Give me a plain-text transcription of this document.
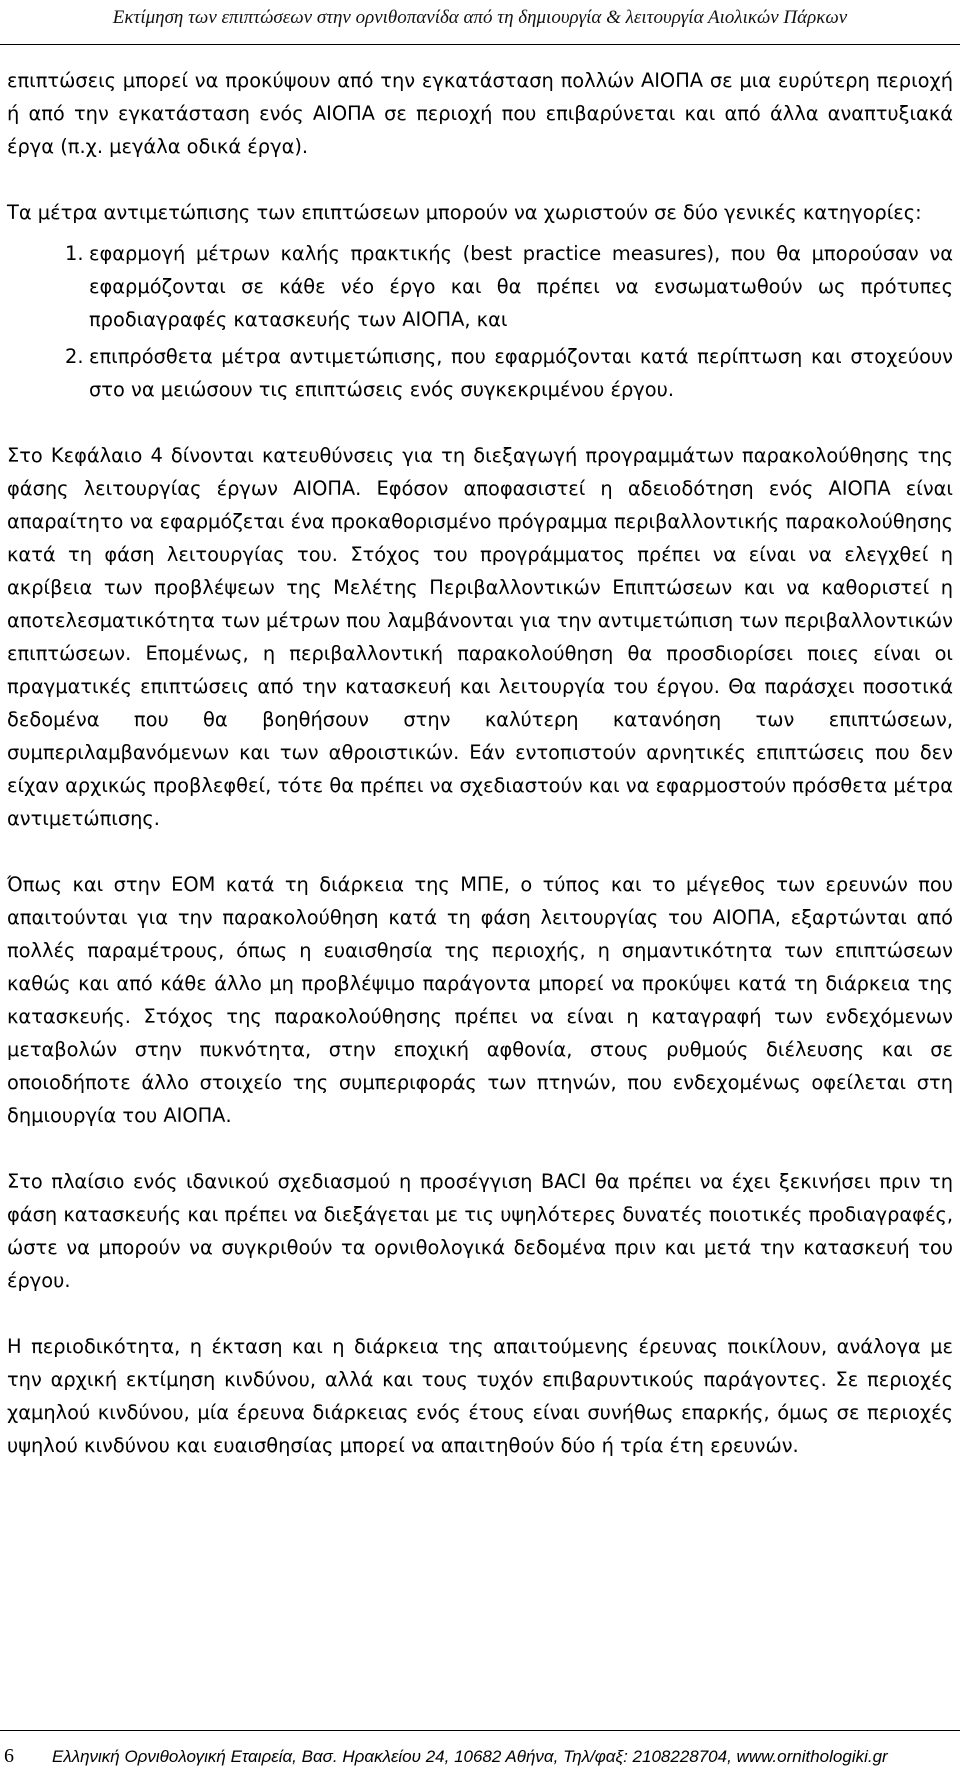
Εκτίμηση των επιπτώσεων στην ορνιθοπανίδα από τη δημιουργία & λειτουργία Αιολικών Πάρκων

επιπτώσεις μπορεί να προκύψουν από την εγκατάσταση πολλών ΑΙΟΠΑ σε μια ευρύτερη περιοχή ή από την εγκατάσταση ενός ΑΙΟΠΑ σε περιοχή που επιβαρύνεται και από άλλα αναπτυξιακά έργα (π.χ. μεγάλα οδικά έργα).

Τα μέτρα αντιμετώπισης των επιπτώσεων μπορούν να χωριστούν σε δύο γενικές κατηγορίες:

1. εφαρμογή μέτρων καλής πρακτικής (best practice measures), που θα μπορούσαν να εφαρμόζονται σε κάθε νέο έργο και θα πρέπει να ενσωματωθούν ως πρότυπες προδιαγραφές κατασκευής των ΑΙΟΠΑ, και
2. επιπρόσθετα μέτρα αντιμετώπισης, που εφαρμόζονται κατά περίπτωση και στοχεύουν στο να μειώσουν τις επιπτώσεις ενός συγκεκριμένου έργου.

Στο Κεφάλαιο 4 δίνονται κατευθύνσεις για τη διεξαγωγή προγραμμάτων παρακολούθησης της φάσης λειτουργίας έργων ΑΙΟΠΑ. Εφόσον αποφασιστεί η αδειοδότηση ενός ΑΙΟΠΑ είναι απαραίτητο να εφαρμόζεται ένα προκαθορισμένο πρόγραμμα περιβαλλοντικής παρακολούθησης κατά τη φάση λειτουργίας του. Στόχος του προγράμματος πρέπει να είναι να ελεγχθεί η ακρίβεια των προβλέψεων της Μελέτης Περιβαλλοντικών Επιπτώσεων και να καθοριστεί η αποτελεσματικότητα των μέτρων που λαμβάνονται για την αντιμετώπιση των περιβαλλοντικών επιπτώσεων. Επομένως, η περιβαλλοντική παρακολούθηση θα προσδιορίσει ποιες είναι οι πραγματικές επιπτώσεις από την κατασκευή και λειτουργία του έργου. Θα παράσχει ποσοτικά δεδομένα που θα βοηθήσουν στην καλύτερη κατανόηση των επιπτώσεων, συμπεριλαμβανόμενων και των αθροιστικών. Εάν εντοπιστούν αρνητικές επιπτώσεις που δεν είχαν αρχικώς προβλεφθεί, τότε θα πρέπει να σχεδιαστούν και να εφαρμοστούν πρόσθετα μέτρα αντιμετώπισης.

Όπως και στην ΕΟΜ κατά τη διάρκεια της ΜΠΕ, ο τύπος και το μέγεθος των ερευνών που απαιτούνται για την παρακολούθηση κατά τη φάση λειτουργίας του ΑΙΟΠΑ, εξαρτώνται από πολλές παραμέτρους, όπως η ευαισθησία της περιοχής, η σημαντικότητα των επιπτώσεων καθώς και από κάθε άλλο μη προβλέψιμο παράγοντα μπορεί να προκύψει κατά τη διάρκεια της κατασκευής. Στόχος της παρακολούθησης πρέπει να είναι η καταγραφή των ενδεχόμενων μεταβολών στην πυκνότητα, στην εποχική αφθονία, στους ρυθμούς διέλευσης και σε οποιοδήποτε άλλο στοιχείο της συμπεριφοράς των πτηνών, που ενδεχομένως οφείλεται στη δημιουργία του ΑΙΟΠΑ.

Στο πλαίσιο ενός ιδανικού σχεδιασμού η προσέγγιση BACI θα πρέπει να έχει ξεκινήσει πριν τη φάση κατασκευής και πρέπει να διεξάγεται με τις υψηλότερες δυνατές ποιοτικές προδιαγραφές, ώστε να μπορούν να συγκριθούν τα ορνιθολογικά δεδομένα πριν και μετά την κατασκευή του έργου.

Η περιοδικότητα, η έκταση και η διάρκεια της απαιτούμενης έρευνας ποικίλουν, ανάλογα με την αρχική εκτίμηση κινδύνου, αλλά και τους τυχόν επιβαρυντικούς παράγοντες. Σε περιοχές χαμηλού κινδύνου, μία έρευνα διάρκειας ενός έτους είναι συνήθως επαρκής, όμως σε περιοχές υψηλού κινδύνου και ευαισθησίας μπορεί να απαιτηθούν δύο ή τρία έτη ερευνών.

6 Ελληνική Ορνιθολογική Εταιρεία, Βασ. Ηρακλείου 24, 10682 Αθήνα, Τηλ/φαξ: 2108228704, www.ornithologiki.gr
